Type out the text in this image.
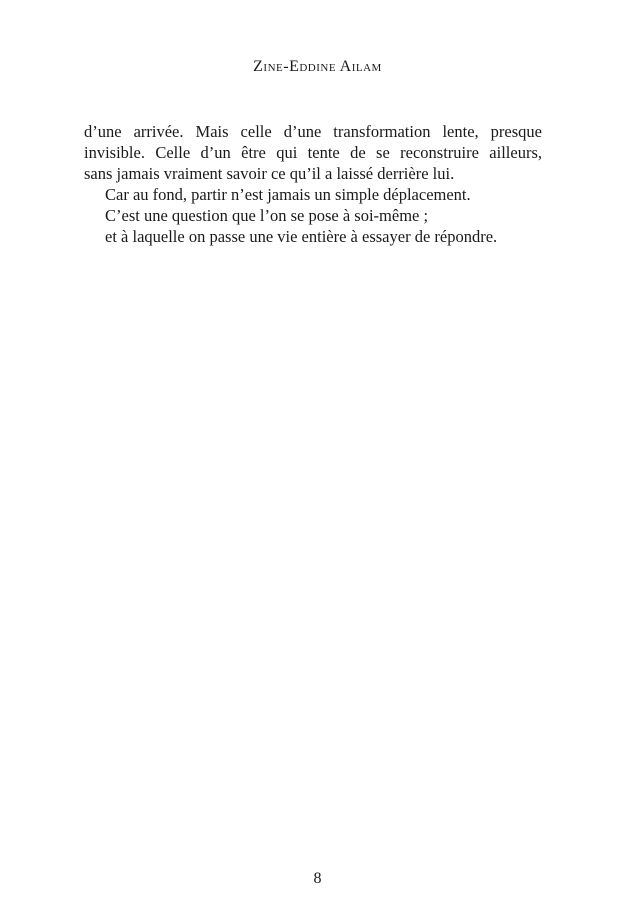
Zine-Eddine Ailam
d’une arrivée. Mais celle d’une transformation lente, presque
invisible. Celle d’un être qui tente de se reconstruire ailleurs,
sans jamais vraiment savoir ce qu’il a laissé derrière lui.
Car au fond, partir n’est jamais un simple déplacement.
C’est une question que l’on se pose à soi-même ;
et à laquelle on passe une vie entière à essayer de répondre.
8
